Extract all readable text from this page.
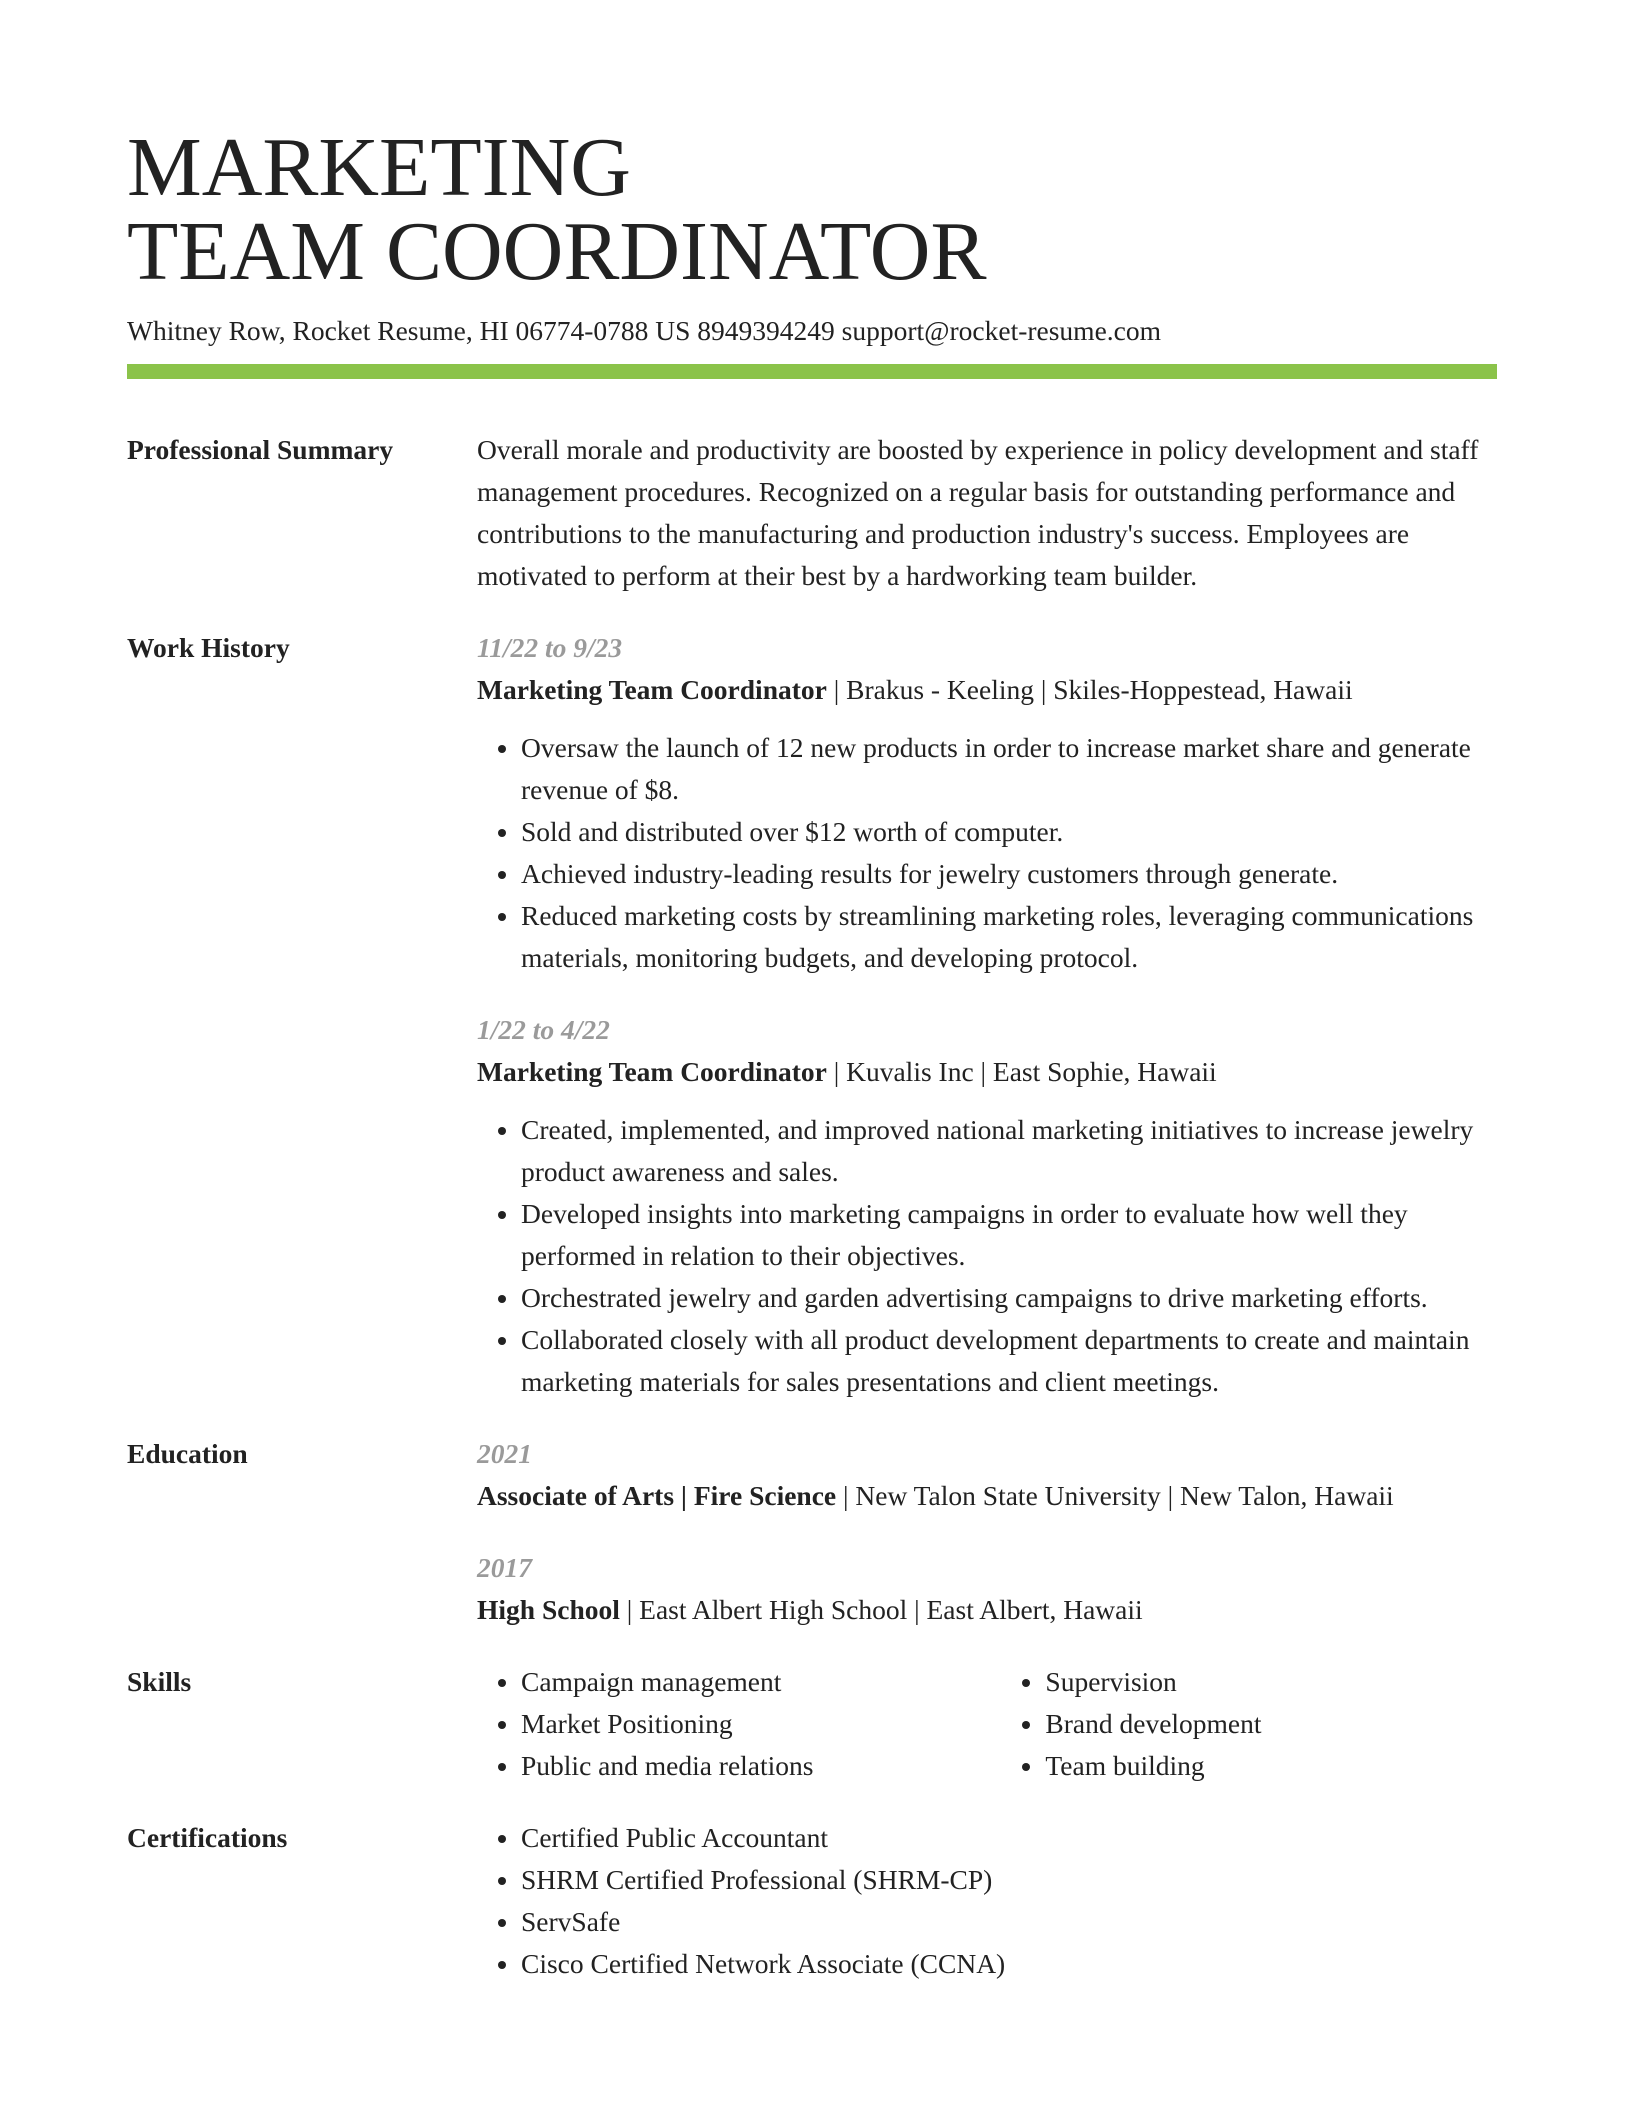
MARKETING
TEAM COORDINATOR
Whitney Row, Rocket Resume, HI 06774-0788 US 8949394249 support@rocket-resume.com
Professional Summary	Overall morale and productivity are boosted by experience in policy development and staff management procedures. Recognized on a regular basis for outstanding performance and contributions to the manufacturing and production industry's success. Employees are motivated to perform at their best by a hardworking team builder.

Work History	11/22 to 9/23
Marketing Team Coordinator | Brakus - Keeling | Skiles-Hoppestead, Hawaii
• Oversaw the launch of 12 new products in order to increase market share and generate revenue of $8.
• Sold and distributed over $12 worth of computer.
• Achieved industry-leading results for jewelry customers through generate.
• Reduced marketing costs by streamlining marketing roles, leveraging communications materials, monitoring budgets, and developing protocol.
1/22 to 4/22
Marketing Team Coordinator | Kuvalis Inc | East Sophie, Hawaii
• Created, implemented, and improved national marketing initiatives to increase jewelry product awareness and sales.
• Developed insights into marketing campaigns in order to evaluate how well they performed in relation to their objectives.
• Orchestrated jewelry and garden advertising campaigns to drive marketing efforts.
• Collaborated closely with all product development departments to create and maintain marketing materials for sales presentations and client meetings.
Education	2021
Associate of Arts | Fire Science | New Talon State University | New Talon, Hawaii
2017
High School | East Albert High School | East Albert, Hawaii
Skills	• Campaign management
• Market Positioning
• Public and media relations
• Supervision
• Brand development
• Team building
Certifications	• Certified Public Accountant
• SHRM Certified Professional (SHRM-CP)
• ServSafe
• Cisco Certified Network Associate (CCNA)
